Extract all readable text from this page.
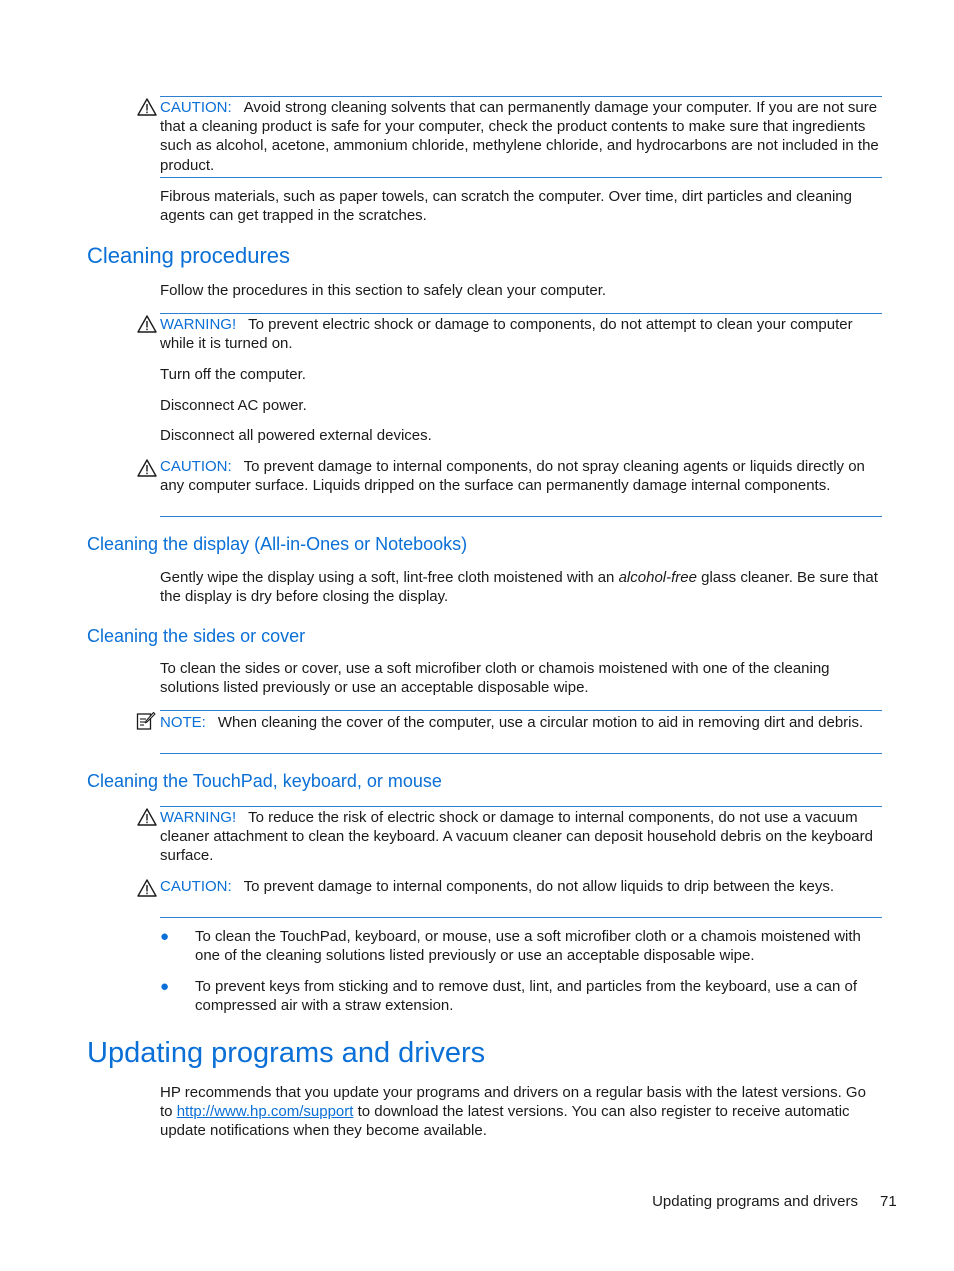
CAUTION: Avoid strong cleaning solvents that can permanently damage your computer. If you are not sure that a cleaning product is safe for your computer, check the product contents to make sure that ingredients such as alcohol, acetone, ammonium chloride, methylene chloride, and hydrocarbons are not included in the product.
Fibrous materials, such as paper towels, can scratch the computer. Over time, dirt particles and cleaning agents can get trapped in the scratches.
Cleaning procedures
Follow the procedures in this section to safely clean your computer.
WARNING! To prevent electric shock or damage to components, do not attempt to clean your computer while it is turned on.
Turn off the computer.
Disconnect AC power.
Disconnect all powered external devices.
CAUTION: To prevent damage to internal components, do not spray cleaning agents or liquids directly on any computer surface. Liquids dripped on the surface can permanently damage internal components.
Cleaning the display (All-in-Ones or Notebooks)
Gently wipe the display using a soft, lint-free cloth moistened with an alcohol-free glass cleaner. Be sure that the display is dry before closing the display.
Cleaning the sides or cover
To clean the sides or cover, use a soft microfiber cloth or chamois moistened with one of the cleaning solutions listed previously or use an acceptable disposable wipe.
NOTE: When cleaning the cover of the computer, use a circular motion to aid in removing dirt and debris.
Cleaning the TouchPad, keyboard, or mouse
WARNING! To reduce the risk of electric shock or damage to internal components, do not use a vacuum cleaner attachment to clean the keyboard. A vacuum cleaner can deposit household debris on the keyboard surface.
CAUTION: To prevent damage to internal components, do not allow liquids to drip between the keys.
● To clean the TouchPad, keyboard, or mouse, use a soft microfiber cloth or a chamois moistened with one of the cleaning solutions listed previously or use an acceptable disposable wipe.
● To prevent keys from sticking and to remove dust, lint, and particles from the keyboard, use a can of compressed air with a straw extension.
Updating programs and drivers
HP recommends that you update your programs and drivers on a regular basis with the latest versions. Go to http://www.hp.com/support to download the latest versions. You can also register to receive automatic update notifications when they become available.
Updating programs and drivers 71
